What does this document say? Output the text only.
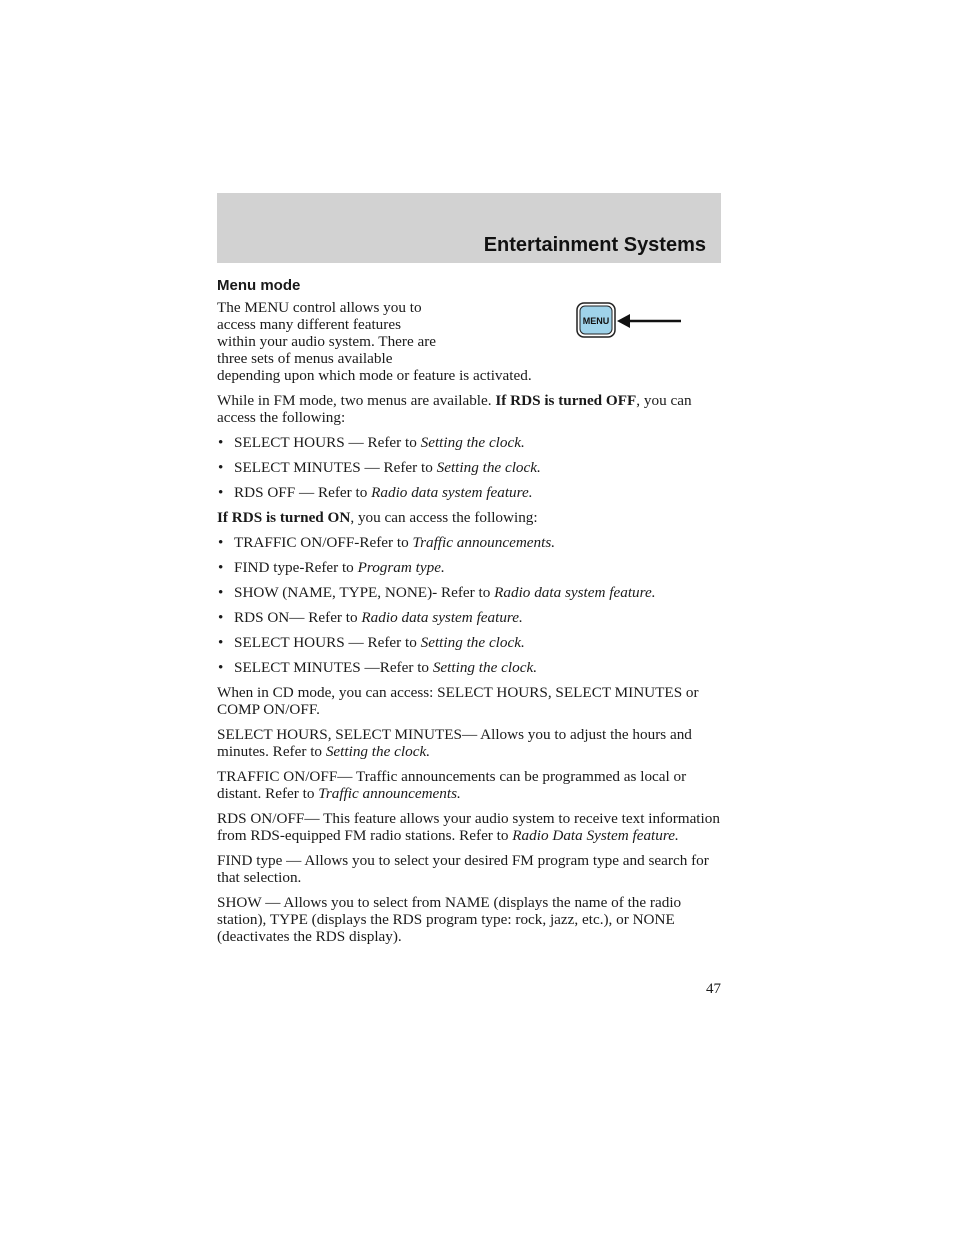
Entertainment Systems
Menu mode
The MENU control allows you to
access many different features
within your audio system. There are
three sets of menus available
depending upon which mode or feature is activated.
MENU

While in FM mode, two menus are available. If RDS is turned OFF, you can access the following:

• SELECT HOURS — Refer to Setting the clock.
• SELECT MINUTES — Refer to Setting the clock.
• RDS OFF — Refer to Radio data system feature.

If RDS is turned ON, you can access the following:

• TRAFFIC ON/OFF-Refer to Traffic announcements.
• FIND type-Refer to Program type.
• SHOW (NAME, TYPE, NONE)- Refer to Radio data system feature.
• RDS ON— Refer to Radio data system feature.
• SELECT HOURS — Refer to Setting the clock.
• SELECT MINUTES —Refer to Setting the clock.

When in CD mode, you can access: SELECT HOURS, SELECT MINUTES or COMP ON/OFF.

SELECT HOURS, SELECT MINUTES— Allows you to adjust the hours and minutes. Refer to Setting the clock.

TRAFFIC ON/OFF— Traffic announcements can be programmed as local or distant. Refer to Traffic announcements.

RDS ON/OFF— This feature allows your audio system to receive text information from RDS-equipped FM radio stations. Refer to Radio Data System feature.

FIND type — Allows you to select your desired FM program type and search for that selection.

SHOW — Allows you to select from NAME (displays the name of the radio station), TYPE (displays the RDS program type: rock, jazz, etc.), or NONE (deactivates the RDS display).

47
